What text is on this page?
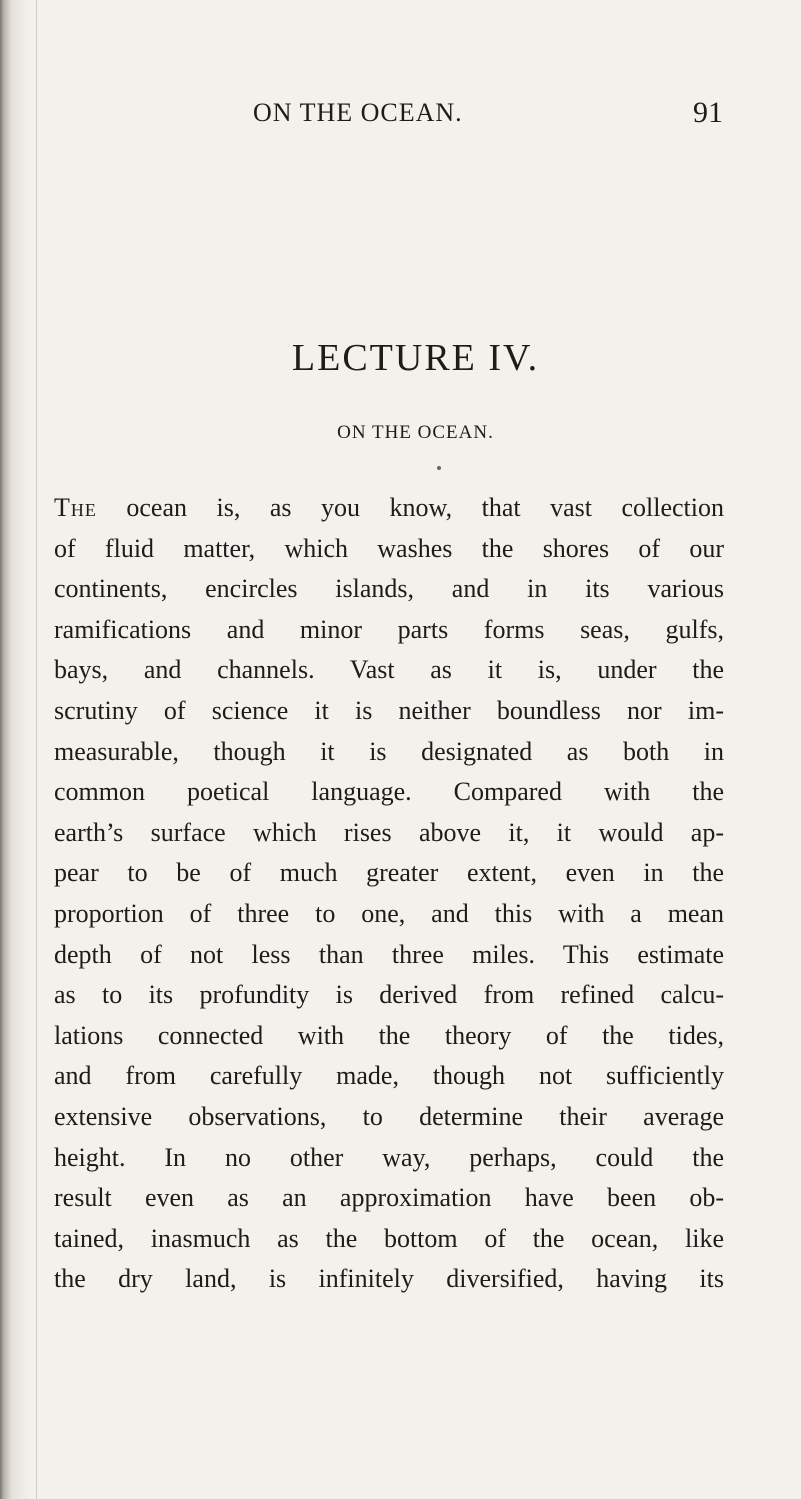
ON THE OCEAN.	91
LECTURE IV.
ON THE OCEAN.
The ocean is, as you know, that vast collection
of fluid matter, which washes the shores of our
continents, encircles islands, and in its various
ramifications and minor parts forms seas, gulfs,
bays, and channels. Vast as it is, under the
scrutiny of science it is neither boundless nor im-
measurable, though it is designated as both in
common poetical language. Compared with the
earth’s surface which rises above it, it would ap-
pear to be of much greater extent, even in the
proportion of three to one, and this with a mean
depth of not less than three miles. This estimate
as to its profundity is derived from refined calcu-
lations connected with the theory of the tides,
and from carefully made, though not sufficiently
extensive observations, to determine their average
height. In no other way, perhaps, could the
result even as an approximation have been ob-
tained, inasmuch as the bottom of the ocean, like
the dry land, is infinitely diversified, having its
